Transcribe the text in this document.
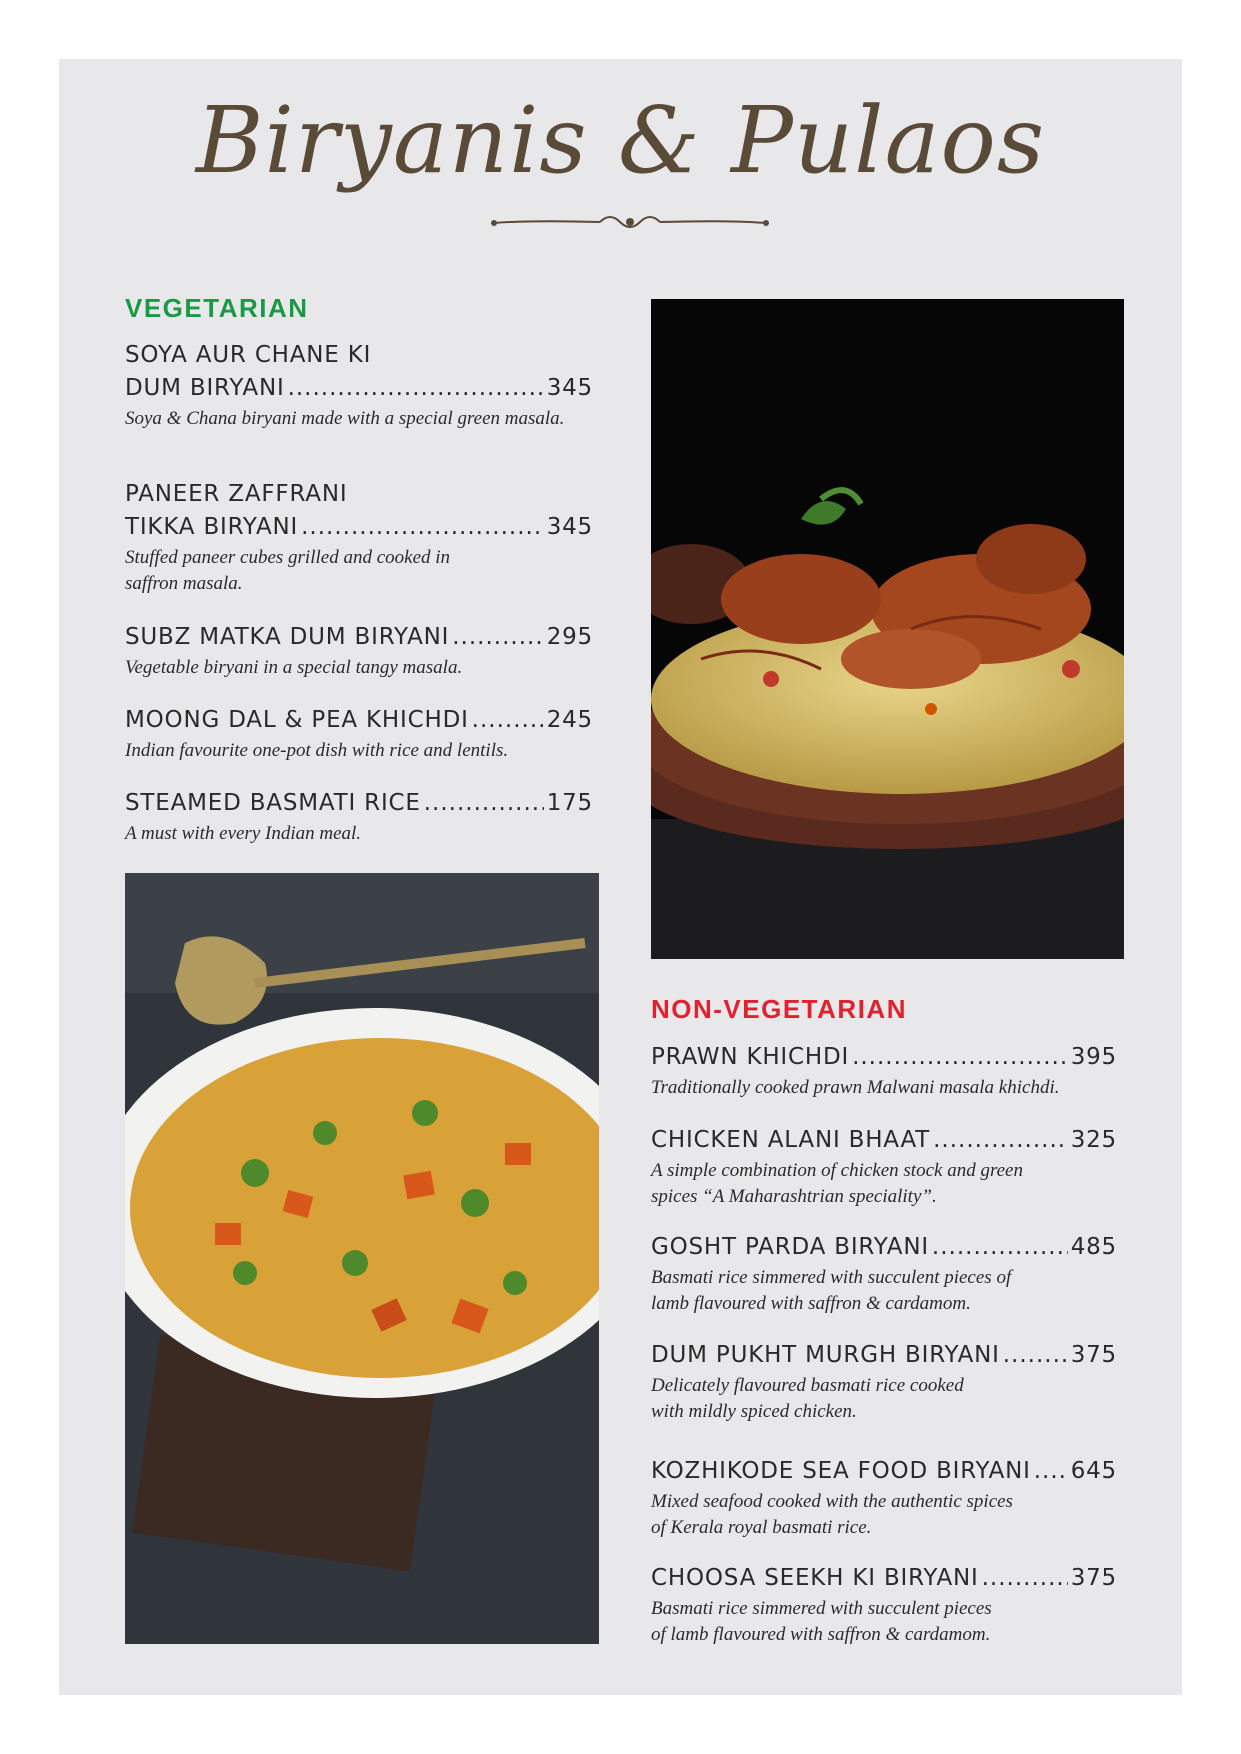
Biryanis & Pulaos
VEGETARIAN
SOYA AUR CHANE KI
DUM BIRYANI .....	345
Soya & Chana biryani made with a special green masala.
PANEER ZAFFRANI
TIKKA BIRYANI .....	345
Stuffed paneer cubes grilled and cooked in
saffron masala.
SUBZ MATKA DUM BIRYANI .....	295
Vegetable biryani in a special tangy masala.
MOONG DAL & PEA KHICHDI .....	245
Indian favourite one-pot dish with rice and lentils.
STEAMED BASMATI RICE .....	175
A must with every Indian meal.
NON-VEGETARIAN
PRAWN KHICHDI .....	395
Traditionally cooked prawn Malwani masala khichdi.
CHICKEN ALANI BHAAT .....	325
A simple combination of chicken stock and green
spices “A Maharashtrian speciality”.
GOSHT PARDA BIRYANI .....	485
Basmati rice simmered with succulent pieces of
lamb flavoured with saffron & cardamom.
DUM PUKHT MURGH BIRYANI .....	375
Delicately flavoured basmati rice cooked
with mildly spiced chicken.
KOZHIKODE SEA FOOD BIRYANI ..... 645
Mixed seafood cooked with the authentic spices
of Kerala royal basmati rice.
CHOOSA SEEKH KI BIRYANI .....	375
Basmati rice simmered with succulent pieces
of lamb flavoured with saffron & cardamom.
